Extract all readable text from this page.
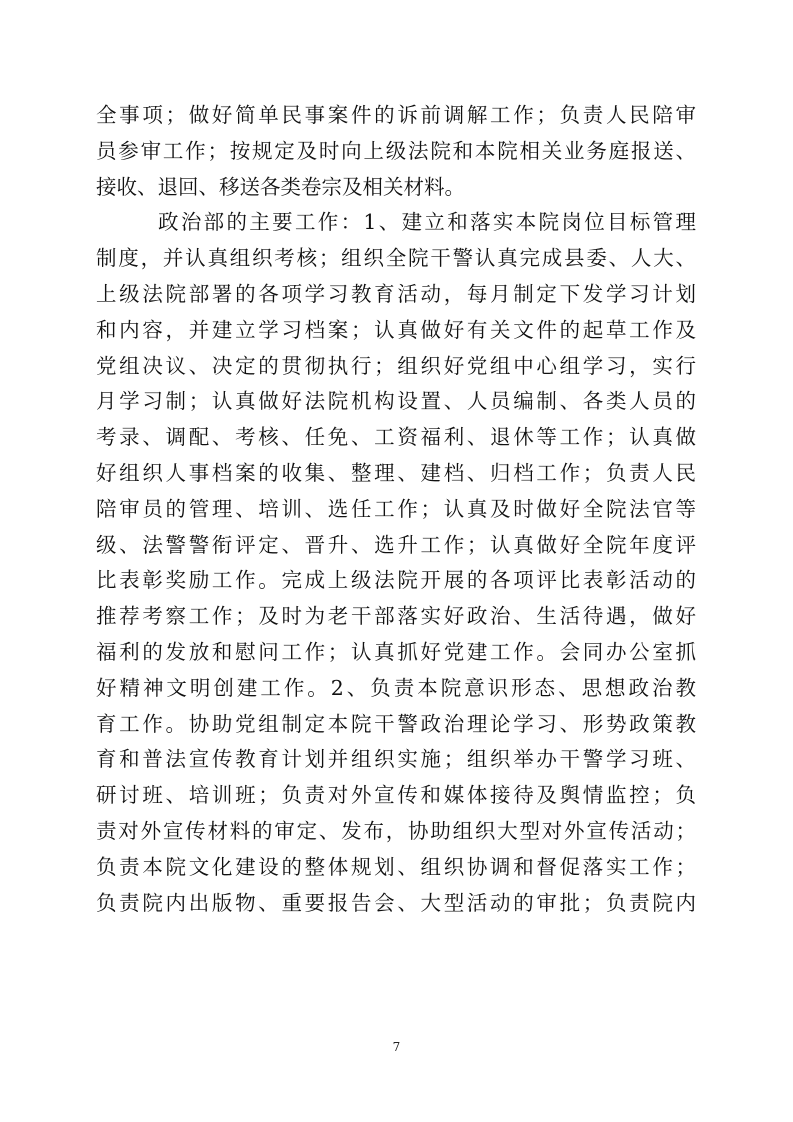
全事项；做好简单民事案件的诉前调解工作；负责人民陪审
员参审工作；按规定及时向上级法院和本院相关业务庭报送、
接收、退回、移送各类卷宗及相关材料。
政治部的主要工作：1、建立和落实本院岗位目标管理
制度，并认真组织考核；组织全院干警认真完成县委、人大、
上级法院部署的各项学习教育活动，每月制定下发学习计划
和内容，并建立学习档案；认真做好有关文件的起草工作及
党组决议、决定的贯彻执行；组织好党组中心组学习，实行
月学习制；认真做好法院机构设置、人员编制、各类人员的
考录、调配、考核、任免、工资福利、退休等工作；认真做
好组织人事档案的收集、整理、建档、归档工作；负责人民
陪审员的管理、培训、选任工作；认真及时做好全院法官等
级、法警警衔评定、晋升、选升工作；认真做好全院年度评
比表彰奖励工作。完成上级法院开展的各项评比表彰活动的
推荐考察工作；及时为老干部落实好政治、生活待遇，做好
福利的发放和慰问工作；认真抓好党建工作。会同办公室抓
好精神文明创建工作。2、负责本院意识形态、思想政治教
育工作。协助党组制定本院干警政治理论学习、形势政策教
育和普法宣传教育计划并组织实施；组织举办干警学习班、
研讨班、培训班；负责对外宣传和媒体接待及舆情监控；负
责对外宣传材料的审定、发布，协助组织大型对外宣传活动；
负责本院文化建设的整体规划、组织协调和督促落实工作；
负责院内出版物、重要报告会、大型活动的审批；负责院内
7
